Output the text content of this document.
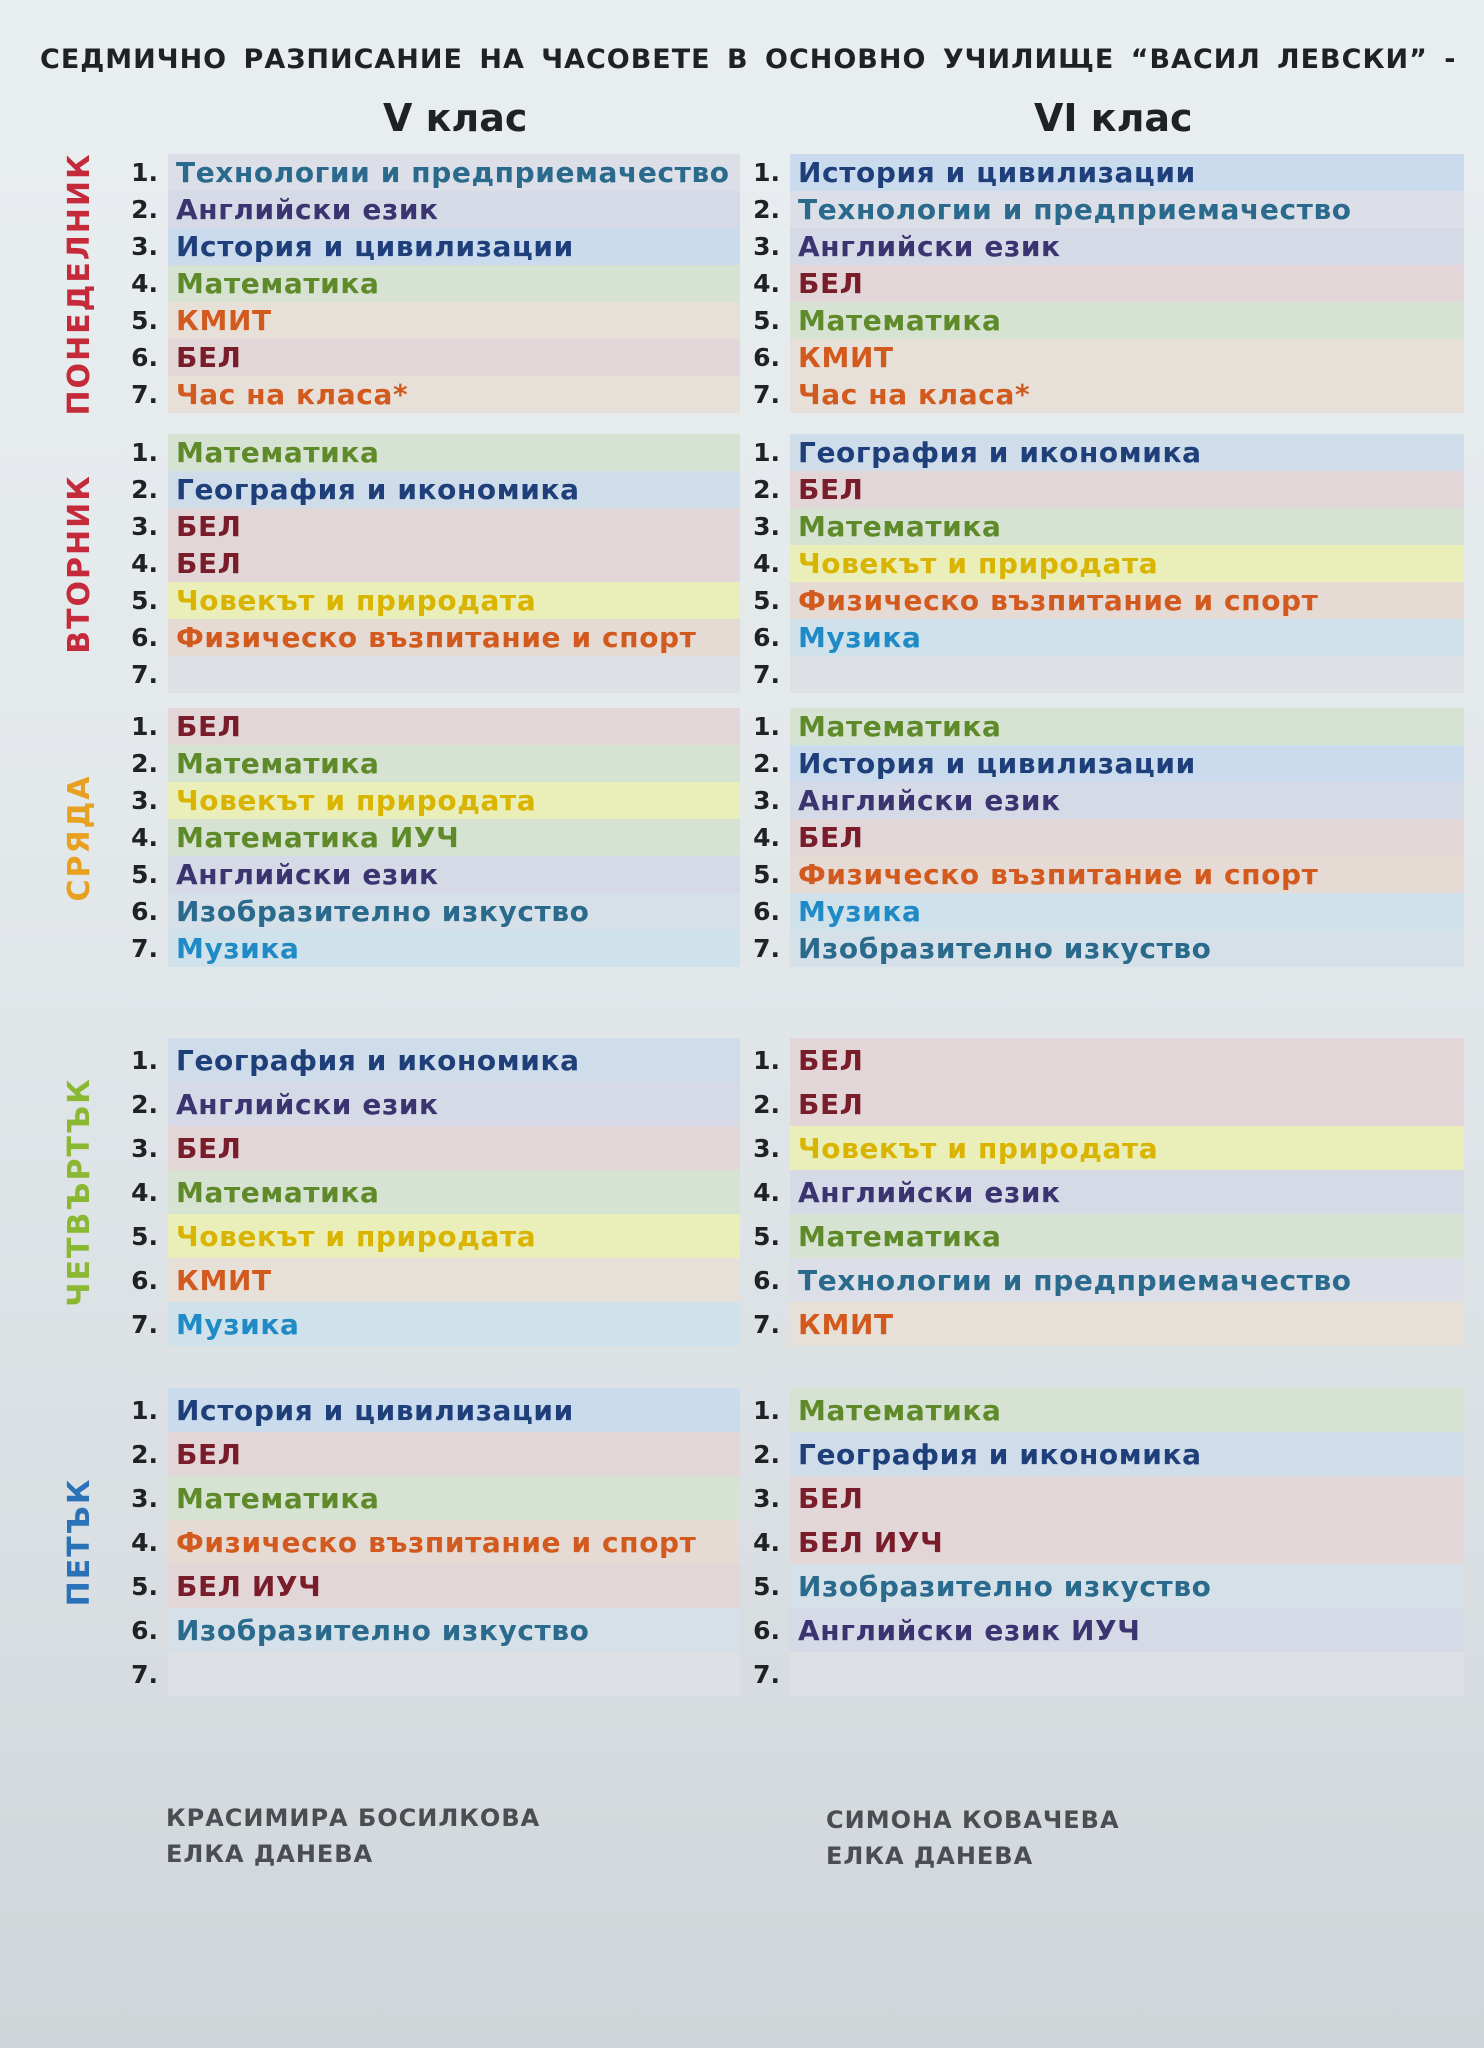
СЕДМИЧНО РАЗПИСАНИЕ НА ЧАСОВЕТЕ В ОСНОВНО УЧИЛИЩЕ “ВАСИЛ ЛЕВСКИ” -
V клас	VI клас
ПОНЕДЕЛНИК 1. Технологии и предприемачество
2. Английски език
3. История и цивилизации
4. Математика
5. КМИТ
6. БЕЛ
7. Час на класа*
1. История и цивилизации
2. Технологии и предприемачество
3. Английски език
4. БЕЛ
5. Математика
6. КМИТ
7. Час на класа*
ВТОРНИК
1. Математика
2. География и икономика
3. БЕЛ
4. БЕЛ
5. Човекът и природата
6. Физическо възпитание и спорт
7.
1. География и икономика
2. БЕЛ
3. Математика
4. Човекът и природата
5. Физическо възпитание и спорт
6. Музика
7.
СРЯДА
1. БЕЛ
2. Математика
3. Човекът и природата
4. Математика ИУЧ
5. Английски език
6. Изобразително изкуство
7. Музика
1. Математика
2. История и цивилизации
3. Английски език
4. БЕЛ
5. Физическо възпитание и спорт
6. Музика
7. Изобразително изкуство
ЧЕТВЪРТЪК
1. География и икономика
2. Английски език
3. БЕЛ
4. Математика
5. Човекът и природата
6. КМИТ
7. Музика
1. БЕЛ
2. БЕЛ
3. Човекът и природата
4. Английски език
5. Математика
6. Технологии и предприемачество
7. КМИТ
ПЕТЪК
1. История и цивилизации
2. БЕЛ
3. Математика
4. Физическо възпитание и спорт
5. БЕЛ ИУЧ
6. Изобразително изкуство
7.
1. Математика
2. География и икономика
3. БЕЛ
4. БЕЛ ИУЧ
5. Изобразително изкуство
6. Английски език ИУЧ
7.
КРАСИМИРА БОСИЛКОВА
ЕЛКА ДАНЕВА
СИМОНА КОВАЧЕВА
ЕЛКА ДАНЕВА
